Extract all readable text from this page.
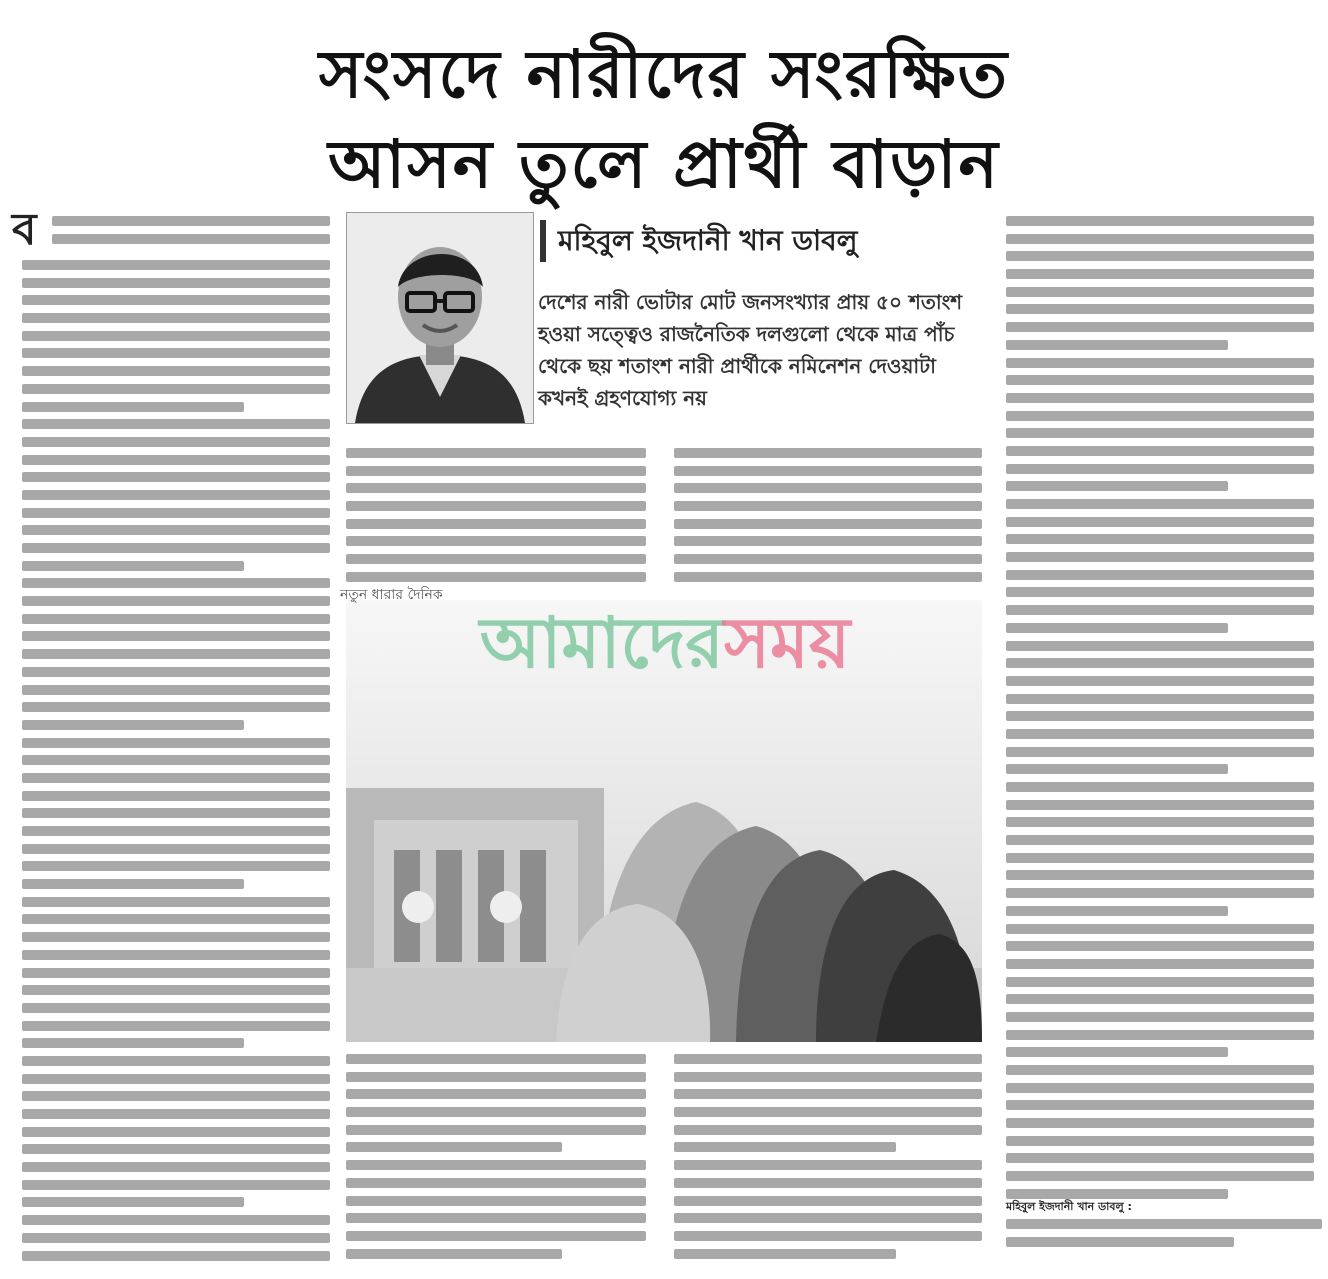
সংসদে নারীদের সংরক্ষিত
আসন তুলে প্রার্থী বাড়ান
ব	মহিবুল ইজদানী খান ডাবলু
দেশের নারী ভোটার মোট জনসংখ্যার প্রায় ৫০ শতাংশ হওয়া সত্ত্বেও রাজনৈতিক দলগুলো থেকে মাত্র পাঁচ থেকে ছয় শতাংশ নারী প্রার্থীকে নমিনেশন দেওয়াটা কখনই গ্রহণযোগ্য নয়
নতুন ধারার দৈনিক
আমাদেরসময়
মহিবুল ইজদানী খান ডাবলু :
